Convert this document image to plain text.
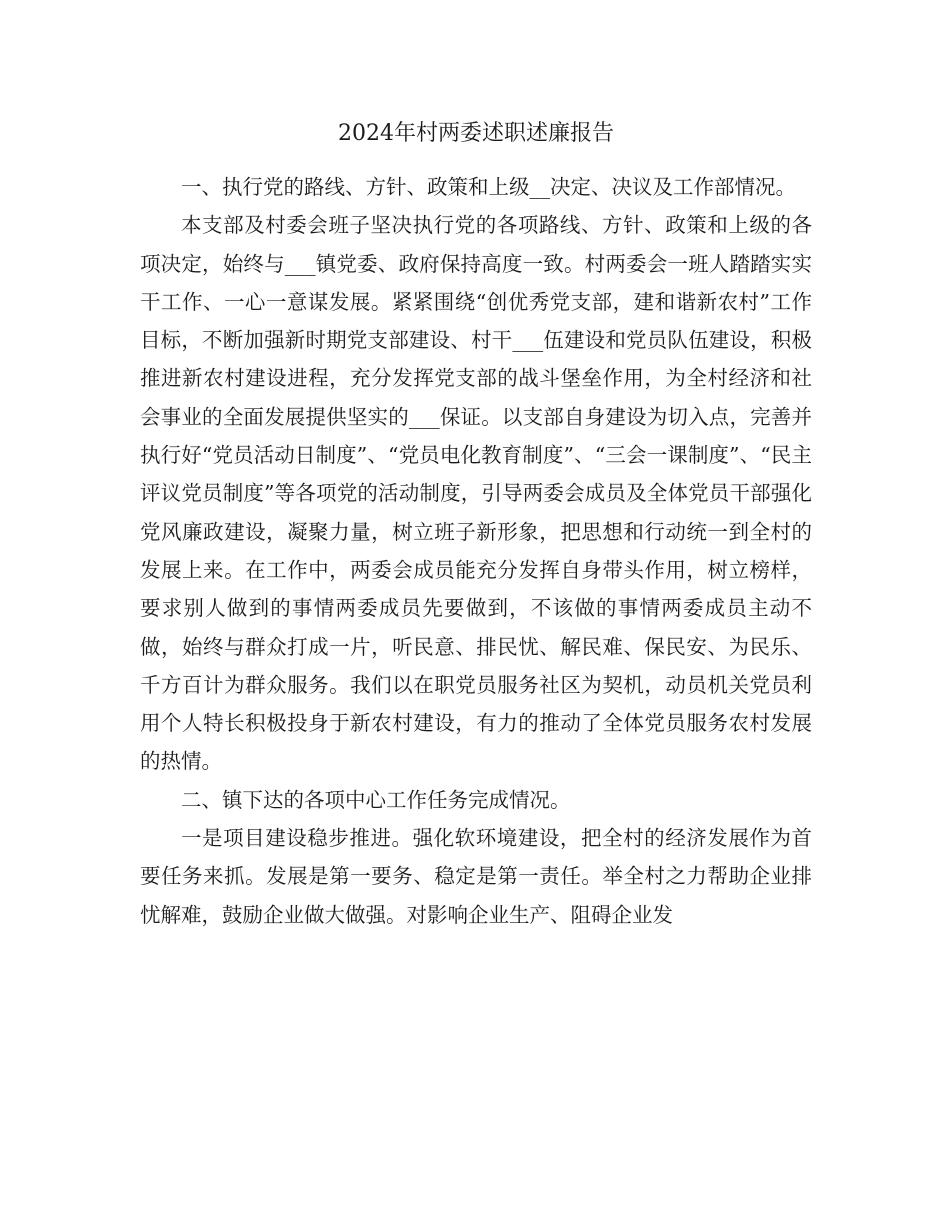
2024年村两委述职述廉报告

一、执行党的路线、方针、政策和上级__决定、决议及工作部情况。

本支部及村委会班子坚决执行党的各项路线、方针、政策和上级的各项决定，始终与___镇党委、政府保持高度一致。村两委会一班人踏踏实实干工作、一心一意谋发展。紧紧围绕“创优秀党支部，建和谐新农村”工作目标，不断加强新时期党支部建设、村干___伍建设和党员队伍建设，积极推进新农村建设进程，充分发挥党支部的战斗堡垒作用，为全村经济和社会事业的全面发展提供坚实的___保证。以支部自身建设为切入点，完善并执行好“党员活动日制度”、“党员电化教育制度”、“三会一课制度”、“民主评议党员制度”等各项党的活动制度，引导两委会成员及全体党员干部强化党风廉政建设，凝聚力量，树立班子新形象，把思想和行动统一到全村的发展上来。在工作中，两委会成员能充分发挥自身带头作用，树立榜样，要求别人做到的事情两委成员先要做到，不该做的事情两委成员主动不做，始终与群众打成一片，听民意、排民忧、解民难、保民安、为民乐、千方百计为群众服务。我们以在职党员服务社区为契机，动员机关党员利用个人特长积极投身于新农村建设，有力的推动了全体党员服务农村发展的热情。

二、镇下达的各项中心工作任务完成情况。

一是项目建设稳步推进。强化软环境建设，把全村的经济发展作为首要任务来抓。发展是第一要务、稳定是第一责任。举全村之力帮助企业排忧解难，鼓励企业做大做强。对影响企业生产、阻碍企业发
